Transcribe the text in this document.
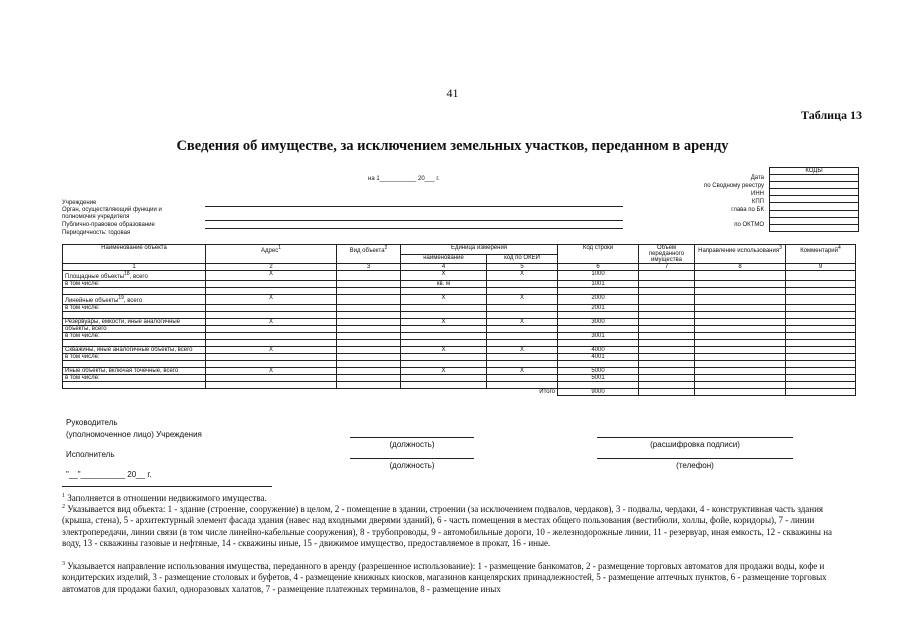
41
Таблица 13
Сведения об имуществе, за исключением земельных участков, переданном в аренду
на 1___________ 20___ г.
КОДЫ

Дата
по Сводному реестру
ИНН
КПП
глава по БК
по ОКТМО
Учреждение
Орган, осуществляющий функции и
полномочия учредителя
Публично-правовое образование
Периодичность: годовая
Наименование объекта	Адрес$^1$	Вид объекта$^2$	Единица измерения		Код строки	Объем
переданного
имущества	Направление использования$^3$	Комментарий$^4$
			наименование	код по ОКЕИ				
1	2	3	4	5	6	7	8	9
Площадные объекты$^{18}$, всего	X		X	X	1000			
в том числе:			кв. м		1001			

Линейные объекты$^{19}$, всего	X		X	X	2000			
в том числе:					2001			

Резервуары, емкости, иные аналогичные	X		X	X	3000			
объекты, всего								
в том числе:					3001			

Скважины, иные аналогичные объекты, всего	X		X	X	4000			
в том числе:					4001			

Иные объекты, включая точечные, всего	X		X	X	5000			
в том числе:					5001			

				Итого	9000			
Руководитель
(уполномоченное лицо) Учреждения
(должность)	(расшифровка подписи)
Исполнитель
(должность)	(телефон)
"__"__________ 20__ г.
$^1$ Заполняется в отношении недвижимого имущества.
$^2$ Указывается вид объекта: 1 - здание (строение, сооружение) в целом, 2 - помещение в здании, строении (за исключением подвалов, чердаков), 3 - подвалы, чердаки, 4 - конструктивная часть здания (крыша, стена), 5 - архитектурный элемент фасада здания (навес над входными дверями зданий), 6 - часть помещения в местах общего пользования (вестибюли, холлы, фойе, коридоры), 7 - линии электропередачи, линии связи (в том числе линейно-кабельные сооружения), 8 - трубопроводы, 9 - автомобильные дороги, 10 - железнодорожные линии, 11 - резервуар, иная емкость, 12 - скважины на воду, 13 - скважины газовые и нефтяные, 14 - скважины иные, 15 - движимое имущество, предоставляемое в прокат, 16 - иные.
$^3$ Указывается направление использования имущества, переданного в аренду (разрешенное использование): 1 - размещение банкоматов, 2 - размещение торговых автоматов для продажи воды, кофе и кондитерских изделий, 3 - размещение столовых и буфетов, 4 - размещение книжных киосков, магазинов канцелярских принадлежностей, 5 - размещение аптечных пунктов, 6 - размещение торговых автоматов для продажи бахил, одноразовых халатов, 7 - размещение платежных терминалов, 8 - размещение иных
